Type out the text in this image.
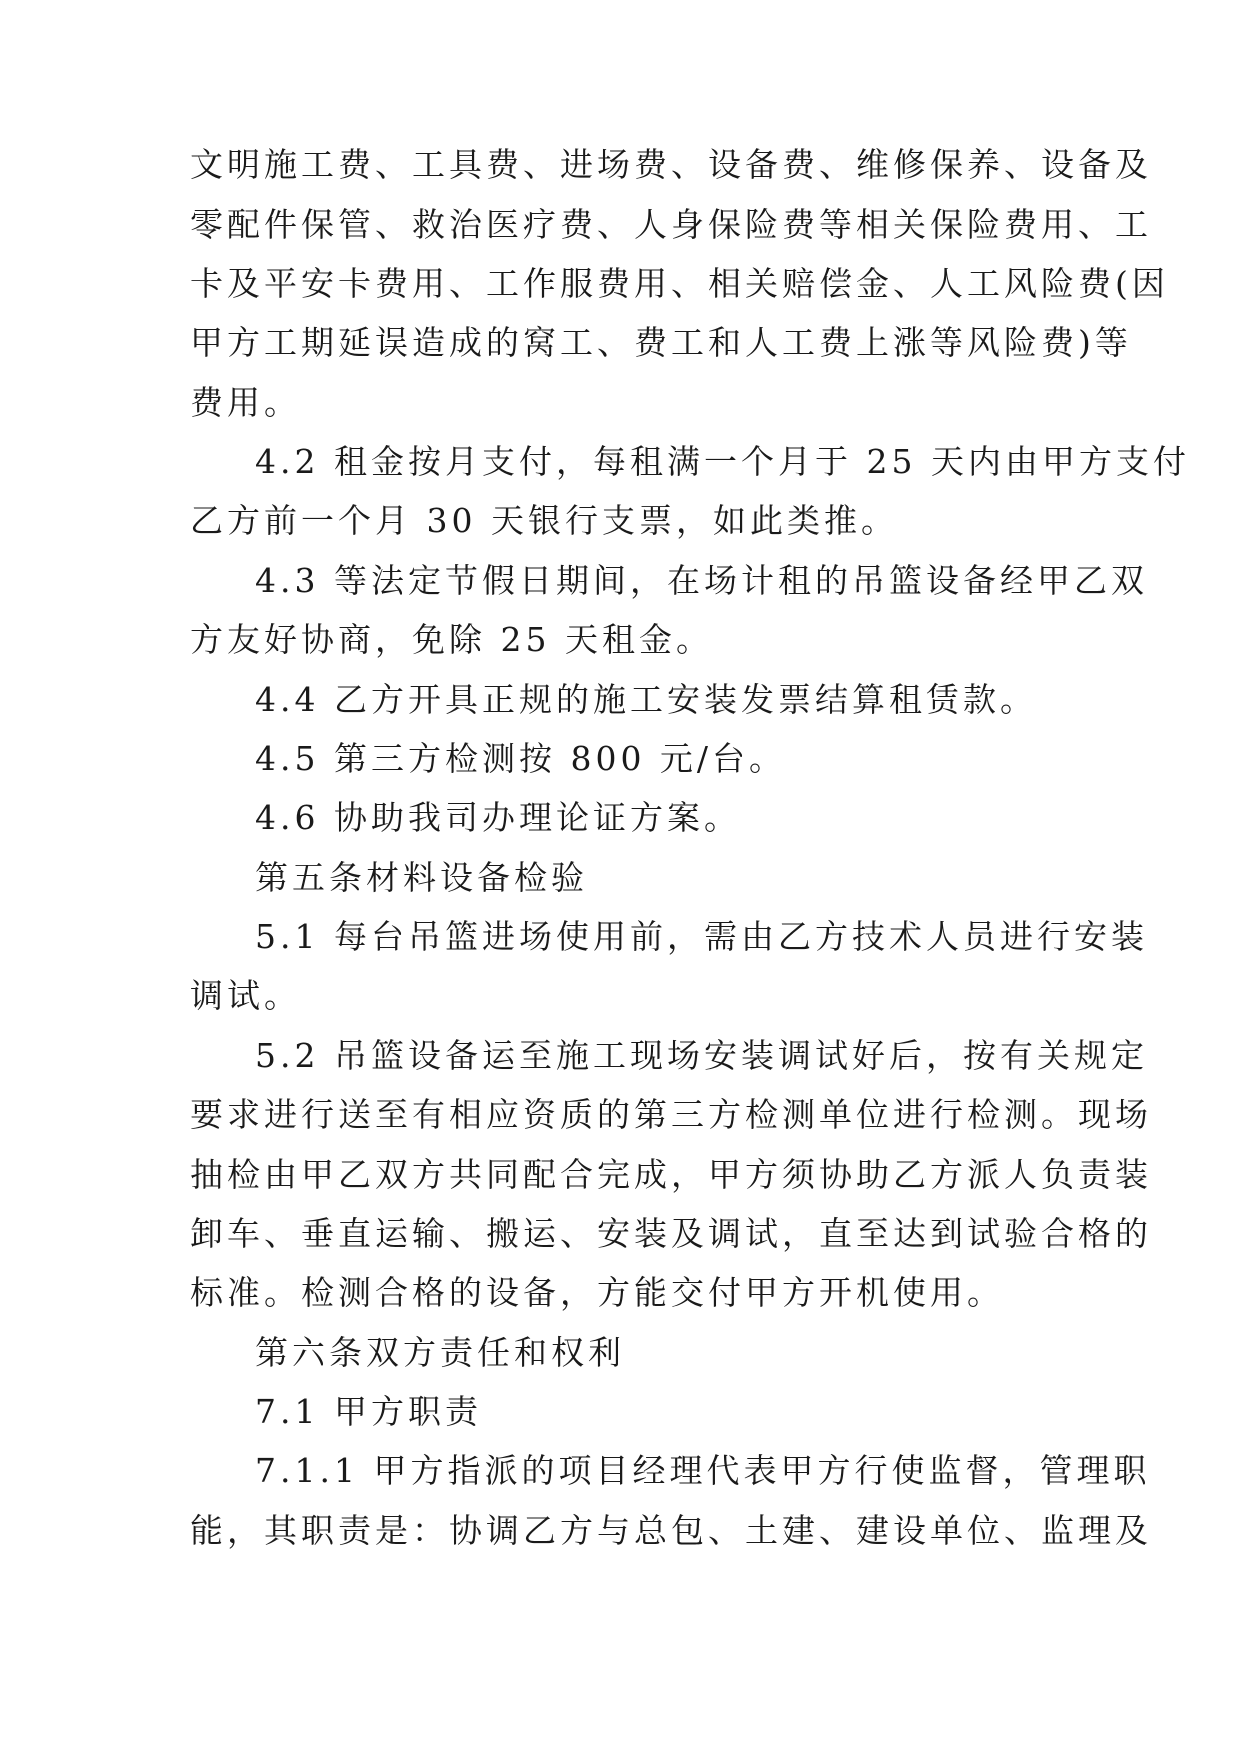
文明施工费、工具费、进场费、设备费、维修保养、设备及
零配件保管、救治医疗费、人身保险费等相关保险费用、工
卡及平安卡费用、工作服费用、相关赔偿金、人工风险费(因
甲方工期延误造成的窝工、费工和人工费上涨等风险费)等
费用。
4.2 租金按月支付，每租满一个月于 25 天内由甲方支付
乙方前一个月 30 天银行支票，如此类推。
4.3 等法定节假日期间，在场计租的吊篮设备经甲乙双
方友好协商，免除 25 天租金。
4.4 乙方开具正规的施工安装发票结算租赁款。
4.5 第三方检测按 800 元/台。
4.6 协助我司办理论证方案。
第五条材料设备检验
5.1 每台吊篮进场使用前，需由乙方技术人员进行安装
调试。
5.2 吊篮设备运至施工现场安装调试好后，按有关规定
要求进行送至有相应资质的第三方检测单位进行检测。现场
抽检由甲乙双方共同配合完成，甲方须协助乙方派人负责装
卸车、垂直运输、搬运、安装及调试，直至达到试验合格的
标准。检测合格的设备，方能交付甲方开机使用。
第六条双方责任和权利
7.1 甲方职责
7.1.1 甲方指派的项目经理代表甲方行使监督，管理职
能，其职责是：协调乙方与总包、土建、建设单位、监理及
